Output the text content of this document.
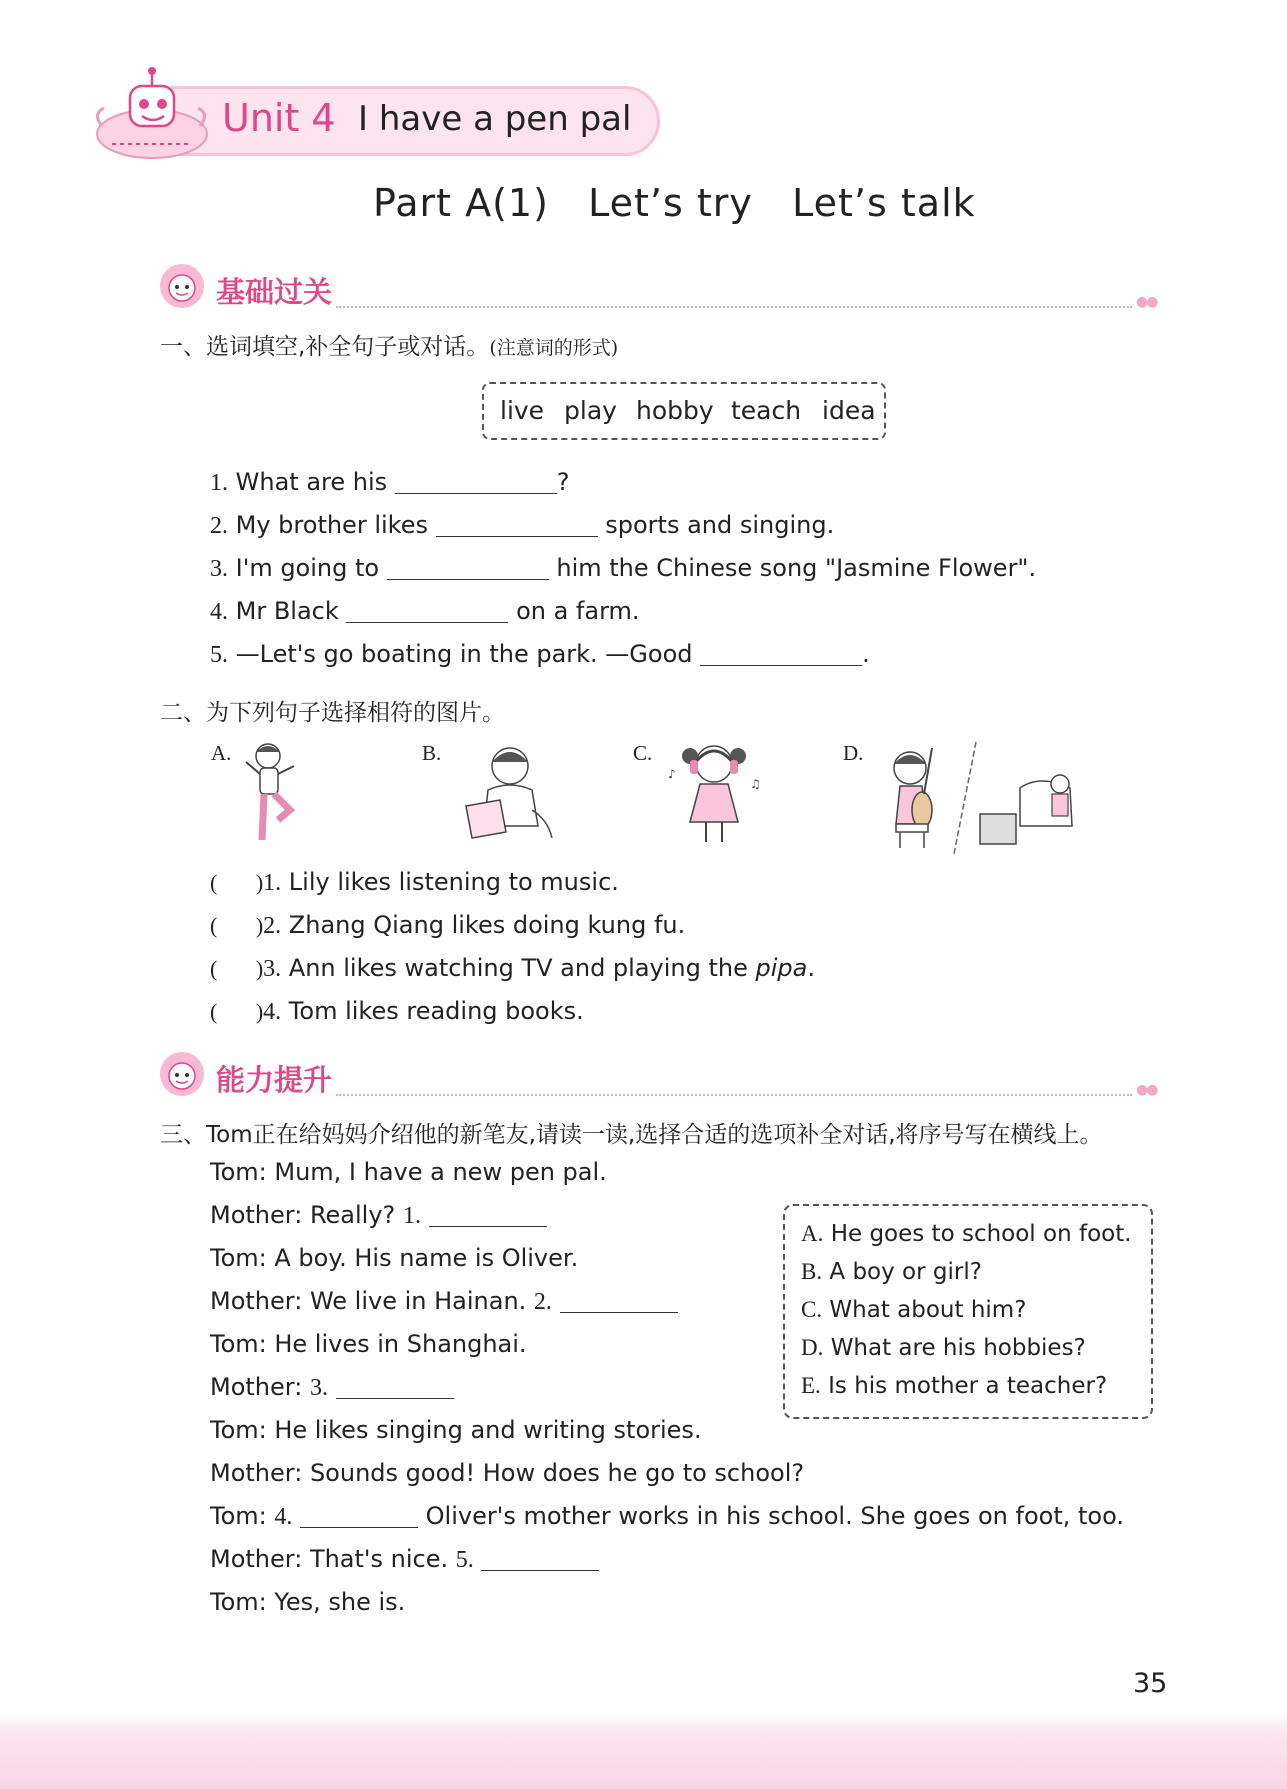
Unit 4 I have a pen pal
Part A(1)   Let’s try   Let’s talk
基础过关	●●
一、选词填空,补全句子或对话。(注意词的形式)
live play hobby teach idea
1. What are his	?
2. My brother likes	sports and singing.
3. I'm going to	him the Chinese song "Jasmine Flower".
4. Mr Black	on a farm.
5. —Let's go boating in the park. —Good	.
二、为下列句子选择相符的图片。
A.	B.	C.
♪
♫
D.
(       )1. Lily likes listening to music.
(       )2. Zhang Qiang likes doing kung fu.
(       )3. Ann likes watching TV and playing the pipa.
(       )4. Tom likes reading books.
能力提升	●●
三、Tom正在给妈妈介绍他的新笔友,请读一读,选择合适的选项补全对话,将序号写在横线上。
Tom: Mum, I have a new pen pal.
Mother: Really? 1.
Tom: A boy. His name is Oliver.
Mother: We live in Hainan. 2.
Tom: He lives in Shanghai.
Mother: 3.
Tom: He likes singing and writing stories.
Mother: Sounds good! How does he go to school?
Tom: 4.	Oliver's mother works in his school. She goes on foot, too.
Mother: That's nice. 5.
Tom: Yes, she is.
A. He goes to school on foot.
B. A boy or girl?
C. What about him?
D. What are his hobbies?
E. Is his mother a teacher?
35
